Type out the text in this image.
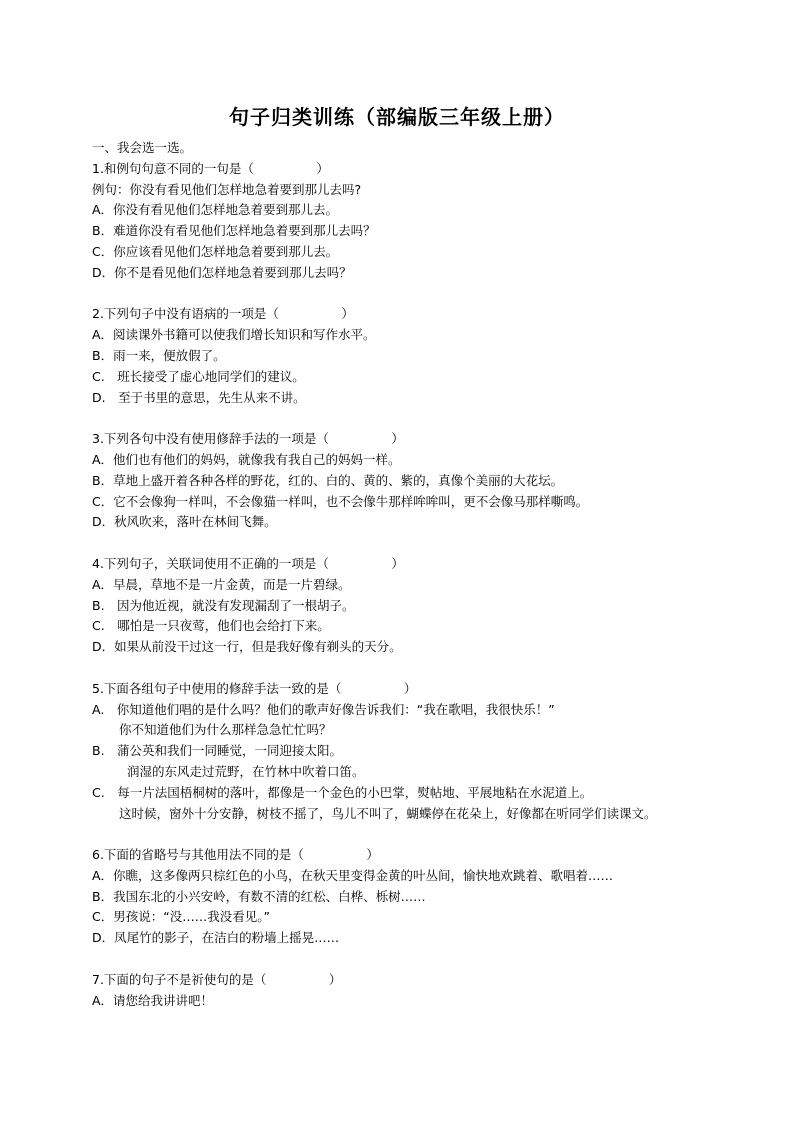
句子归类训练（部编版三年级上册）
一、我会选一选。
1.和例句句意不同的一句是（　　　　　）
例句：你没有看见他们怎样地急着要到那儿去吗?
A．你没有看见他们怎样地急着要到那儿去。
B．难道你没有看见他们怎样地急着要到那儿去吗？
C．你应该看见他们怎样地急着要到那儿去。
D．你不是看见他们怎样地急着要到那儿去吗？
2.下列句子中没有语病的一项是（　　　　　）
A．阅读课外书籍可以使我们增长知识和写作水平。
B．雨一来，便放假了。
C.　班长接受了虚心地同学们的建议。
D.　至于书里的意思，先生从来不讲。
3.下列各句中没有使用修辞手法的一项是（　　　　　）
A．他们也有他们的妈妈，就像我有我自己的妈妈一样。
B．草地上盛开着各种各样的野花，红的、白的、黄的、紫的，真像个美丽的大花坛。
C．它不会像狗一样叫，不会像猫一样叫，也不会像牛那样哞哞叫，更不会像马那样嘶鸣。
D．秋风吹来，落叶在林间飞舞。
4.下列句子，关联词使用不正确的一项是（　　　　　）
A．早晨，草地不是一片金黄，而是一片碧绿。
B.　因为他近视，就没有发现漏刮了一根胡子。
C.　哪怕是一只夜莺，他们也会给打下来。
D．如果从前没干过这一行，但是我好像有剃头的天分。
5.下面各组句子中使用的修辞手法一致的是（　　　　　）
A.　你知道他们唱的是什么吗？他们的歌声好像告诉我们：“我在歌唱，我很快乐！”
你不知道他们为什么那样急急忙忙吗？
B.　蒲公英和我们一同睡觉，一同迎接太阳。
润湿的东风走过荒野，在竹林中吹着口笛。
C.　每一片法国梧桐树的落叶，都像是一个金色的小巴掌，熨帖地、平展地粘在水泥道上。
这时候，窗外十分安静，树枝不摇了，鸟儿不叫了，蝴蝶停在花朵上，好像都在听同学们读课文。
6.下面的省略号与其他用法不同的是（　　　　　）
A．你瞧，这多像两只棕红色的小鸟，在秋天里变得金黄的叶丛间，愉快地欢跳着、歌唱着……
B．我国东北的小兴安岭，有数不清的红松、白桦、栎树……
C．男孩说：“没……我没看见。”
D．凤尾竹的影子，在洁白的粉墙上摇晃……
7.下面的句子不是祈使句的是（　　　　　）
A．请您给我讲讲吧！
